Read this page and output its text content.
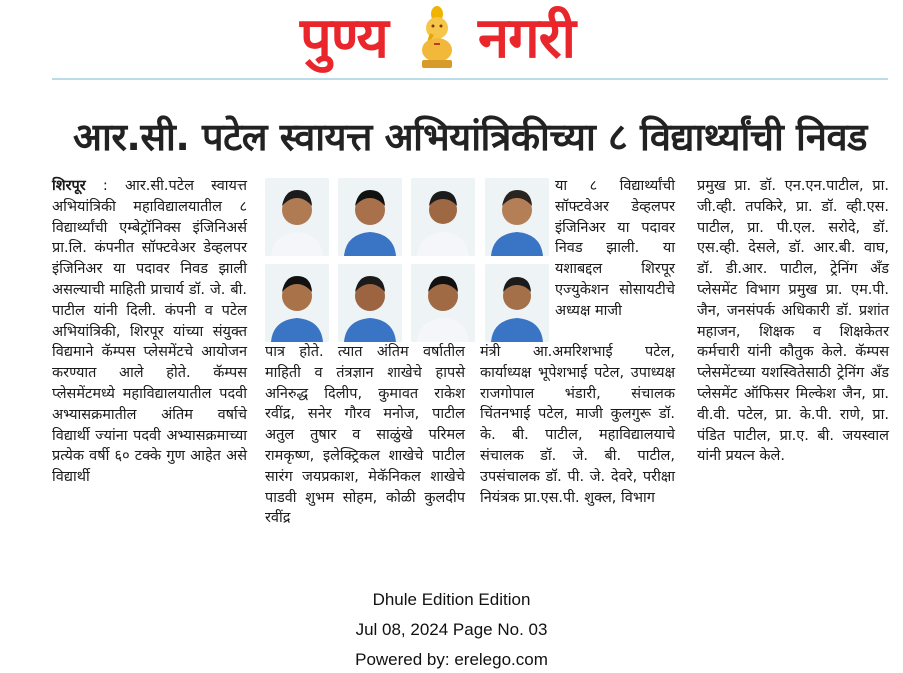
पुण्य नगरी
आर.सी. पटेल स्वायत्त अभियांत्रिकीच्या ८ विद्यार्थ्यांची निवड

शिरपूर : आर.सी.पटेल स्वायत्त अभियांत्रिकी महाविद्यालयातील ८ विद्यार्थ्यांची एम्बेट्रॉनिक्स इंजिनिअर्स प्रा.लि. कंपनीत सॉफ्टवेअर डेव्हलपर इंजिनिअर या पदावर निवड झाली असल्याची माहिती प्राचार्य डॉ. जे. बी. पाटील यांनी दिली. कंपनी व पटेल अभियांत्रिकी, शिरपूर यांच्या संयुक्त विद्यमाने कॅम्पस प्लेसमेंटचे आयोजन करण्यात आले होते. कॅम्पस प्लेसमेंटमध्ये महाविद्यालयातील पदवी अभ्यासक्रमातील अंतिम वर्षाचे विद्यार्थी ज्यांना पदवी अभ्यासक्रमाच्या प्रत्येक वर्षी ६० टक्के गुण आहेत असे विद्यार्थी

पात्र होते. त्यात अंतिम वर्षातील माहिती व तंत्रज्ञान शाखेचे हापसे अनिरुद्ध दिलीप, कुमावत राकेश रवींद्र, सनेर गौरव मनोज, पाटील अतुल तुषार व साळुंखे परिमल रामकृष्ण, इलेक्ट्रिकल शाखेचे पाटील सारंग जयप्रकाश, मेकॅनिकल शाखेचे पाडवी शुभम सोहम, कोळी कुलदीप रवींद्र

या ८ विद्यार्थ्यांची सॉफ्टवेअर डेव्हलपर इंजिनिअर या पदावर निवड झाली. या यशाबद्दल शिरपूर एज्युकेशन सोसायटीचे अध्यक्ष माजी

मंत्री आ.अमरिशभाई पटेल, कार्याध्यक्ष भूपेशभाई पटेल, उपाध्यक्ष राजगोपाल भंडारी, संचालक चिंतनभाई पटेल, माजी कुलगुरू डॉ. के. बी. पाटील, महाविद्यालयाचे संचालक डॉ. जे. बी. पाटील, उपसंचालक डॉ. पी. जे. देवरे, परीक्षा नियंत्रक प्रा.एस.पी. शुक्ल, विभाग

प्रमुख प्रा. डॉ. एन.एन.पाटील, प्रा. जी.व्ही. तपकिरे, प्रा. डॉ. व्ही.एस. पाटील, प्रा. पी.एल. सरोदे, डॉ. एस.व्ही. देसले, डॉ. आर.बी. वाघ, डॉ. डी.आर. पाटील, ट्रेनिंग अँड प्लेसमेंट विभाग प्रमुख प्रा. एम.पी. जैन, जनसंपर्क अधिकारी डॉ. प्रशांत महाजन, शिक्षक व शिक्षकेतर कर्मचारी यांनी कौतुक केले. कॅम्पस प्लेसमेंटच्या यशस्वितेसाठी ट्रेनिंग अँड प्लेसमेंट ऑफिसर मिल्केश जैन, प्रा. वी.वी. पटेल, प्रा. के.पी. राणे, प्रा. पंडित पाटील, प्रा.ए. बी. जयस्वाल यांनी प्रयत्न केले.

Dhule Edition Edition
Jul 08, 2024 Page No. 03
Powered by: erelego.com
